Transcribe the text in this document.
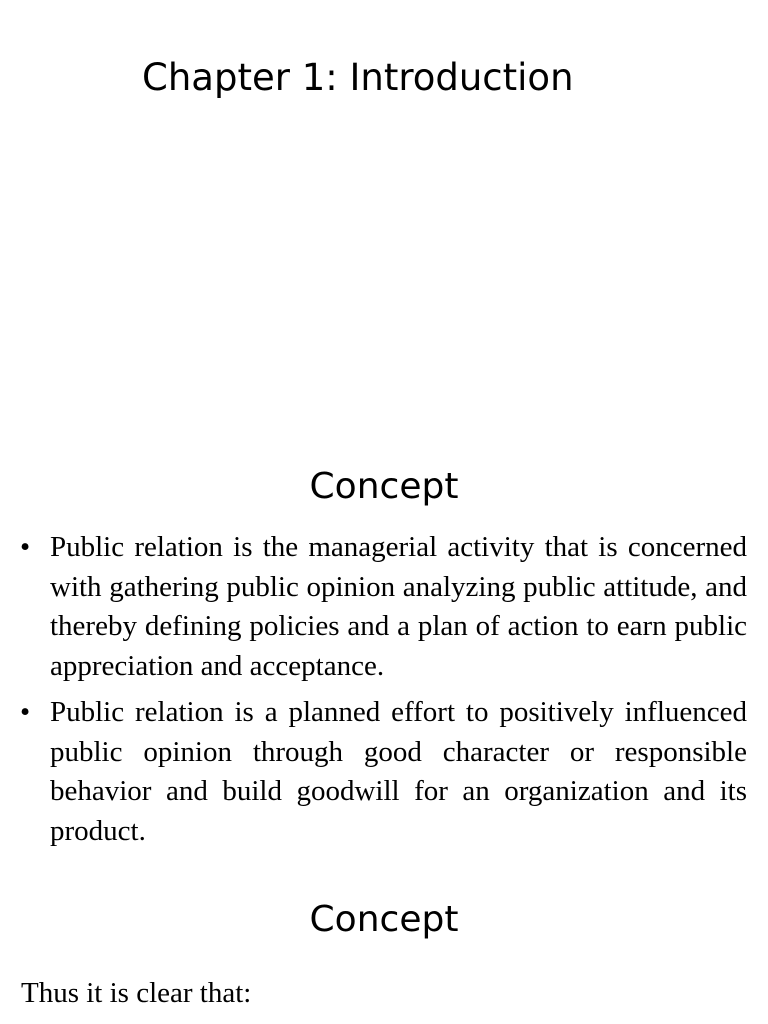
Chapter 1: Introduction
Concept
• Public relation is the managerial activity that is concerned with gathering public opinion analyzing public attitude, and thereby defining policies and a plan of action to earn public appreciation and acceptance.
• Public relation is a planned effort to positively influenced public opinion through good character or responsible behavior and build goodwill for an organization and its product.
Concept

Thus it is clear that:
